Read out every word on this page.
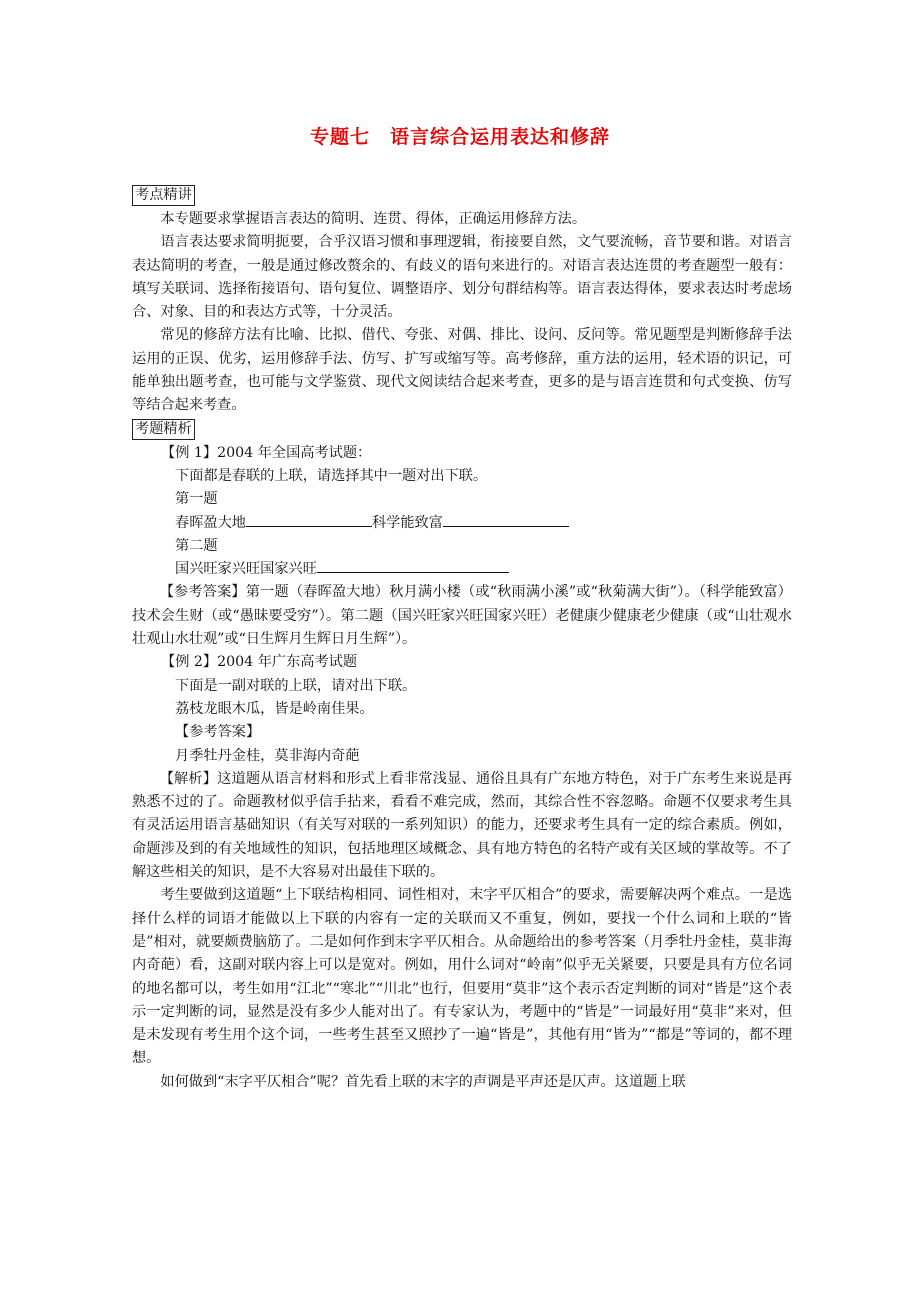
专题七　语言综合运用表达和修辞
考点精讲

本专题要求掌握语言表达的简明、连贯、得体，正确运用修辞方法。

语言表达要求简明扼要，合乎汉语习惯和事理逻辑，衔接要自然，文气要流畅，音节要和谐。对语言表达简明的考查，一般是通过修改赘余的、有歧义的语句来进行的。对语言表达连贯的考查题型一般有：填写关联词、选择衔接语句、语句复位、调整语序、划分句群结构等。语言表达得体，要求表达时考虑场合、对象、目的和表达方式等，十分灵活。

常见的修辞方法有比喻、比拟、借代、夸张、对偶、排比、设问、反问等。常见题型是判断修辞手法运用的正误、优劣，运用修辞手法、仿写、扩写或缩写等。高考修辞，重方法的运用，轻术语的识记，可能单独出题考查，也可能与文学鉴赏、现代文阅读结合起来考查，更多的是与语言连贯和句式变换、仿写等结合起来考查。

考题精析

【例 1】2004 年全国高考试题：

下面都是春联的上联，请选择其中一题对出下联。

第一题

春晖盈大地	科学能致富

第二题

国兴旺家兴旺国家兴旺

【参考答案】第一题（春晖盈大地）秋月满小楼（或“秋雨满小溪”或“秋菊满大街”）。（科学能致富）技术会生财（或“愚昧要受穷”）。第二题（国兴旺家兴旺国家兴旺）老健康少健康老少健康（或“山壮观水壮观山水壮观”或“日生辉月生辉日月生辉”）。

【例 2】2004 年广东高考试题

下面是一副对联的上联，请对出下联。

荔枝龙眼木瓜，皆是岭南佳果。

【参考答案】

月季牡丹金桂，莫非海内奇葩

【解析】这道题从语言材料和形式上看非常浅显、通俗且具有广东地方特色，对于广东考生来说是再熟悉不过的了。命题教材似乎信手拈来，看看不难完成，然而，其综合性不容忽略。命题不仅要求考生具有灵活运用语言基础知识（有关写对联的一系列知识）的能力，还要求考生具有一定的综合素质。例如，命题涉及到的有关地域性的知识，包括地理区域概念、具有地方特色的名特产或有关区域的掌故等。不了解这些相关的知识，是不大容易对出最佳下联的。

考生要做到这道题“上下联结构相同、词性相对，末字平仄相合”的要求，需要解决两个难点。一是选择什么样的词语才能做以上下联的内容有一定的关联而又不重复，例如，要找一个什么词和上联的“皆是”相对，就要颇费脑筋了。二是如何作到末字平仄相合。从命题给出的参考答案（月季牡丹金桂，莫非海内奇葩）看，这副对联内容上可以是宽对。例如，用什么词对“岭南”似乎无关紧要，只要是具有方位名词的地名都可以，考生如用“江北”“寒北”“川北”也行，但要用“莫非”这个表示否定判断的词对“皆是”这个表示一定判断的词，显然是没有多少人能对出了。有专家认为，考题中的“皆是”一词最好用“莫非”来对，但是未发现有考生用个这个词，一些考生甚至又照抄了一遍“皆是”，其他有用“皆为”“都是”等词的，都不理想。

如何做到“末字平仄相合”呢？首先看上联的末字的声调是平声还是仄声。这道题上联
